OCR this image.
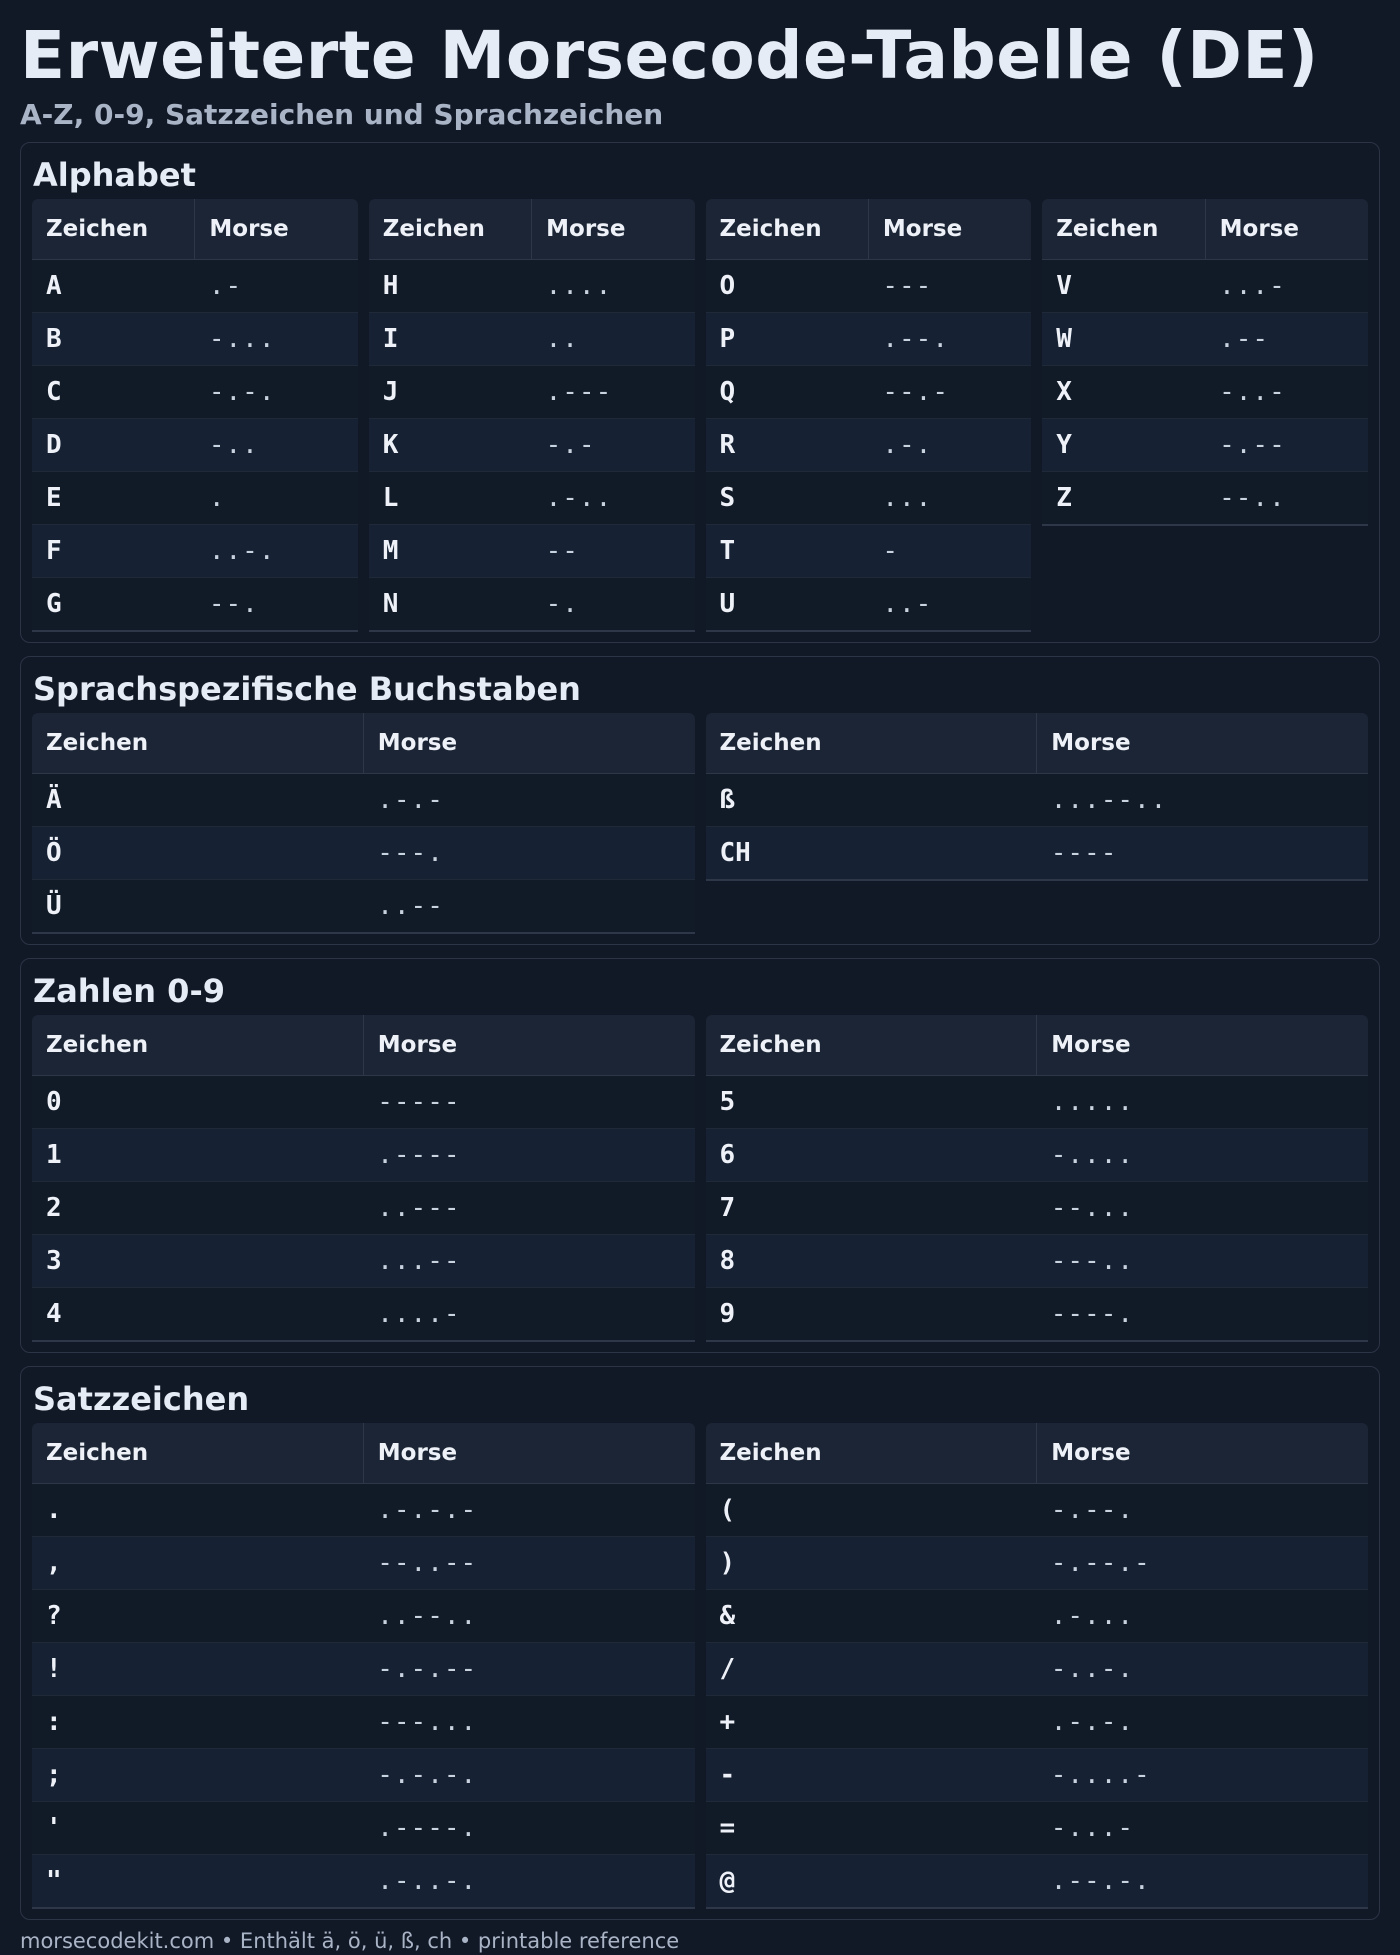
Erweiterte Morsecode-Tabelle (DE)
A-Z, 0-9, Satzzeichen und Sprachzeichen
Alphabet
Zeichen	Morse
A	.-
B	-...
C	-.-.
D	-..
E	.
F	..-.
G	--.
Zeichen	Morse
H	....
I	..
J	.---
K	-.-
L	.-..
M	--
N	-.
Zeichen	Morse
O	---
P	.--.
Q	--.-
R	.-.
S	...
T	-
U	..-
Zeichen	Morse
V	...-
W	.--
X	-..-
Y	-.--
Z	--..
Sprachspezifische Buchstaben
Zeichen	Morse
Ä	.-.-
Ö	---.
Ü	..--
Zeichen	Morse
ß	...--..
CH	----
Zahlen 0-9
Zeichen	Morse
0	-----
1	.----
2	..---
3	...--
4	....-
Zeichen	Morse
5	.....
6	-....
7	--...
8	---..
9	----.
Satzzeichen
Zeichen	Morse
.	.-.-.-
,	--..--
?	..--..
!	-.-.--
:	---...
;	-.-.-.
'	.----.
"	.-..-.
Zeichen	Morse
(	-.--.
)	-.--.-
&	.-...
/	-..-.
+	.-.-.
-	-....-
=	-...-
@	.--.-.
morsecodekit.com • Enthält ä, ö, ü, ß, ch • printable reference
